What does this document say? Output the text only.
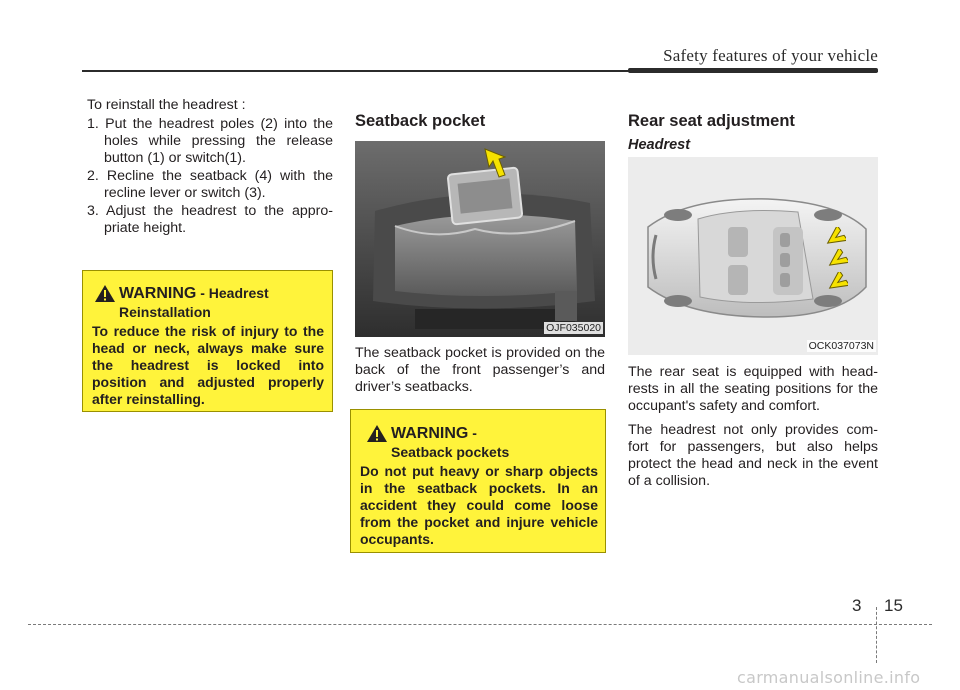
Safety features of your vehicle

To reinstall the headrest :

1. Put the headrest poles (2) into the holes while pressing the release button (1) or switch(1).
2. Recline the seatback (4) with the recline lever or switch (3).
3. Adjust the headrest to the appro- priate height.
WARNING - Headrest Reinstallation

To reduce the risk of injury to the head or neck, always make sure the headrest is locked into position and adjusted properly after reinstalling.

Seatback pocket
OJF035020

The seatback pocket is provided on the back of the front passenger’s and driver’s seatbacks.

WARNING - Seatback pockets

Do not put heavy or sharp objects in the seatback pockets. In an accident they could come loose from the pocket and injure vehicle occupants.

Rear seat adjustment
Headrest
OCK037073N

The rear seat is equipped with head- rests in all the seating positions for the occupant's safety and comfort.

The headrest not only provides com- fort for passengers, but also helps protect the head and neck in the event of a collision.

3 15
carmanualsonline.info
